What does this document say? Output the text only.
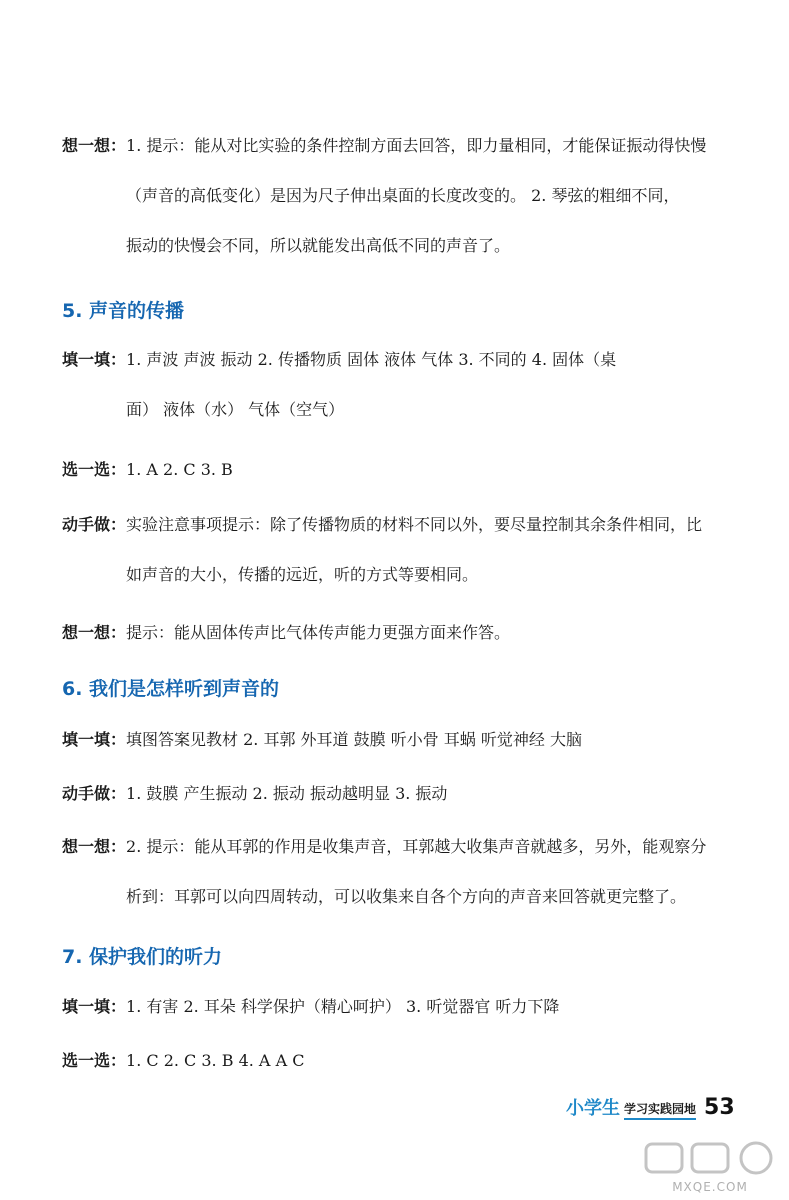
想一想：1. 提示：能从对比实验的条件控制方面去回答，即力量相同，才能保证振动得快慢
（声音的高低变化）是因为尺子伸出桌面的长度改变的。 2. 琴弦的粗细不同，
振动的快慢会不同，所以就能发出高低不同的声音了。
5. 声音的传播
填一填：1. 声波 声波 振动 2. 传播物质 固体 液体 气体 3. 不同的 4. 固体（桌
面） 液体（水） 气体（空气）
选一选：1. A 2. C 3. B
动手做：实验注意事项提示：除了传播物质的材料不同以外，要尽量控制其余条件相同，比
如声音的大小，传播的远近，听的方式等要相同。
想一想：提示：能从固体传声比气体传声能力更强方面来作答。
6. 我们是怎样听到声音的
填一填：填图答案见教材 2. 耳郭 外耳道 鼓膜 听小骨 耳蜗 听觉神经 大脑
动手做：1. 鼓膜 产生振动 2. 振动 振动越明显 3. 振动
想一想：2. 提示：能从耳郭的作用是收集声音，耳郭越大收集声音就越多，另外，能观察分
析到：耳郭可以向四周转动，可以收集来自各个方向的声音来回答就更完整了。
7. 保护我们的听力
填一填：1. 有害 2. 耳朵 科学保护（精心呵护） 3. 听觉器官 听力下降
选一选：1. C 2. C 3. B 4. A A C
小学生 学习实践园地 53
MXQE.COM
